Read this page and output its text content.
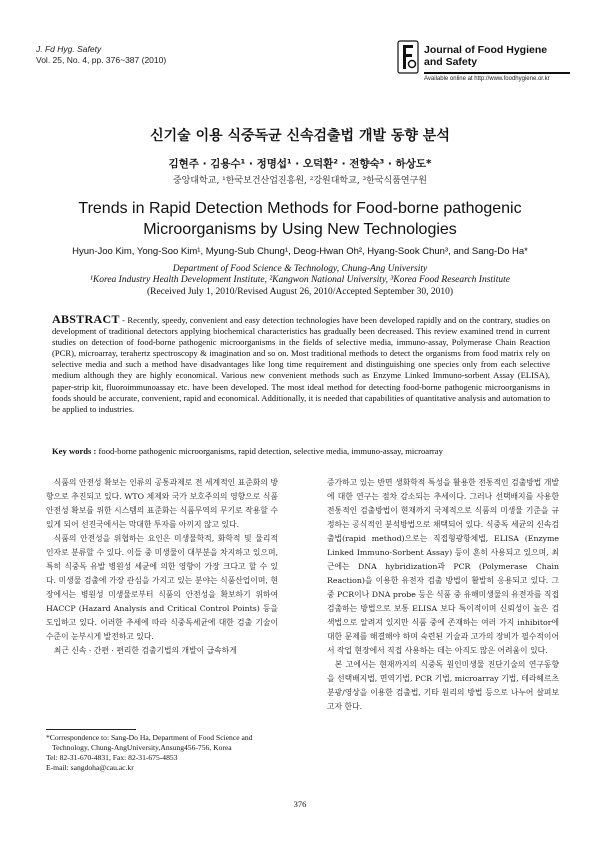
J. Fd Hyg. Safety
Vol. 25, No. 4, pp. 376~387 (2010)
Journal of Food Hygiene
and Safety
Available online at http://www.foodhygiene.or.kr
신기술 이용 식중독균 신속검출법 개발 동향 분석
김현주 · 김용수¹ · 정명섭¹ · 오덕환² · 전향숙³ · 하상도*
중앙대학교, ¹한국보건산업진흥원, ²강원대학교, ³한국식품연구원
Trends in Rapid Detection Methods for Food-borne pathogenic
Microorganisms by Using New Technologies
Hyun-Joo Kim, Yong-Soo Kim¹, Myung-Sub Chung¹, Deog-Hwan Oh², Hyang-Sook Chun³, and Sang-Do Ha*
Department of Food Science & Technology, Chung-Ang University
¹Korea Industry Health Development Institute, ²Kangwon National University, ³Korea Food Research Institute
(Received July 1, 2010/Revised August 26, 2010/Accepted September 30, 2010)
ABSTRACT - Recently, speedy, convenient and easy detection technologies have been developed rapidly and on the contrary, studies on development of traditional detectors applying biochemical characteristics has gradually been decreased. This review examined trend in current studies on detection of food-borne pathogenic microorganisms in the fields of selective media, immuno-assay, Polymerase Chain Reaction (PCR), microarray, terahertz spectroscopy & imagination and so on. Most traditional methods to detect the organisms from food matrix rely on selective media and such a method have disadvantages like long time requirement and distinguishing one species only from each selective medium although they are highly economical. Various new convenient methods such as Enzyme Linked Immuno-sorbent Assay (ELISA), paper-strip kit, fluoroimmunoassay etc. have been developed. The most ideal method for detecting food-borne pathogenic microorganisms in foods should be accurate, convenient, rapid and economical. Additionally, it is needed that capabilities of quantitative analysis and automation to be applied to industries.
Key words : food-borne pathogenic microorganisms, rapid detection, selective media, immuno-assay, microarray

식품의 안전성 확보는 인류의 공통과제로 전 세계적인 표준화의 방향으로 추진되고 있다. WTO 체제와 국가 보호주의의 영향으로 식품안전성 확보를 위한 시스템의 표준화는 식품무역의 무기로 작용할 수 있게 되어 선진국에서는 막대한 투자를 아끼지 않고 있다.

식품의 안전성을 위협하는 요인은 미생물학적, 화학적 및 물리적 인자로 분류할 수 있다. 이들 중 미생물이 대부분을 차지하고 있으며, 특히 식중독 유발 병원성 세균에 의한 영향이 가장 크다고 할 수 있다. 미생물 검출에 가장 관심을 가지고 있는 분야는 식품산업이며, 현장에서는 병원성 미생물로부터 식품의 안전성을 확보하기 위하여 HACCP (Hazard Analysis and Critical Control Points) 등을 도입하고 있다. 이러한 추세에 따라 식중독세균에 대한 검출 기술이 수준이 눈부시게 발전하고 있다.

최근 신속 · 간편 · 편리한 검출기법의 개발이 급속하게

증가하고 있는 반면 생화학적 특성을 활용한 전통적인 검출방법 개발에 대한 연구는 점차 감소되는 추세이다. 그러나 선택배지를 사용한 전통적인 검출방법이 현재까지 국제적으로 식품의 미생물 기준을 규정하는 공식적인 분석방법으로 채택되어 있다. 식중독 세균의 신속검출법(rapid method)으로는 직접형광항체법, ELISA (Enzyme Linked Immuno-Sorbent Assay) 등이 흔히 사용되고 있으며, 최근에는 DNA hybridization과 PCR (Polymerase Chain Reaction)을 이용한 유전자 검출 방법이 활발히 응용되고 있다. 그 중 PCR이나 DNA probe 등은 식품 중 유해미생물의 유전자를 직접 검출하는 방법으로 보통 ELISA 보다 특이적이며 신뢰성이 높은 검색법으로 알려져 있지만 식품 중에 존재하는 여러 가지 inhibitor에 대한 문제를 해결해야 하며 숙련된 기술과 고가의 장비가 필수적이어서 작업 현장에서 직접 사용하는 데는 아직도 많은 어려움이 있다.

본 고에서는 현재까지의 식중독 원인미생물 진단기술의 연구동향을 선택배지법, 면역기법, PCR 기법, microarray 기법, 테라헤르츠 분광/영상을 이용한 검출법, 기타 원리의 방법 등으로 나누어 살펴보고자 한다.

*Correspondence to: Sang-Do Ha, Department of Food Science and
Technology, Chung-AngUniversity,Ansung456-756, Korea
Tel: 82-31-670-4831, Fax: 82-31-675-4853
E-mail: sangdoha@cau.ac.kr
376
